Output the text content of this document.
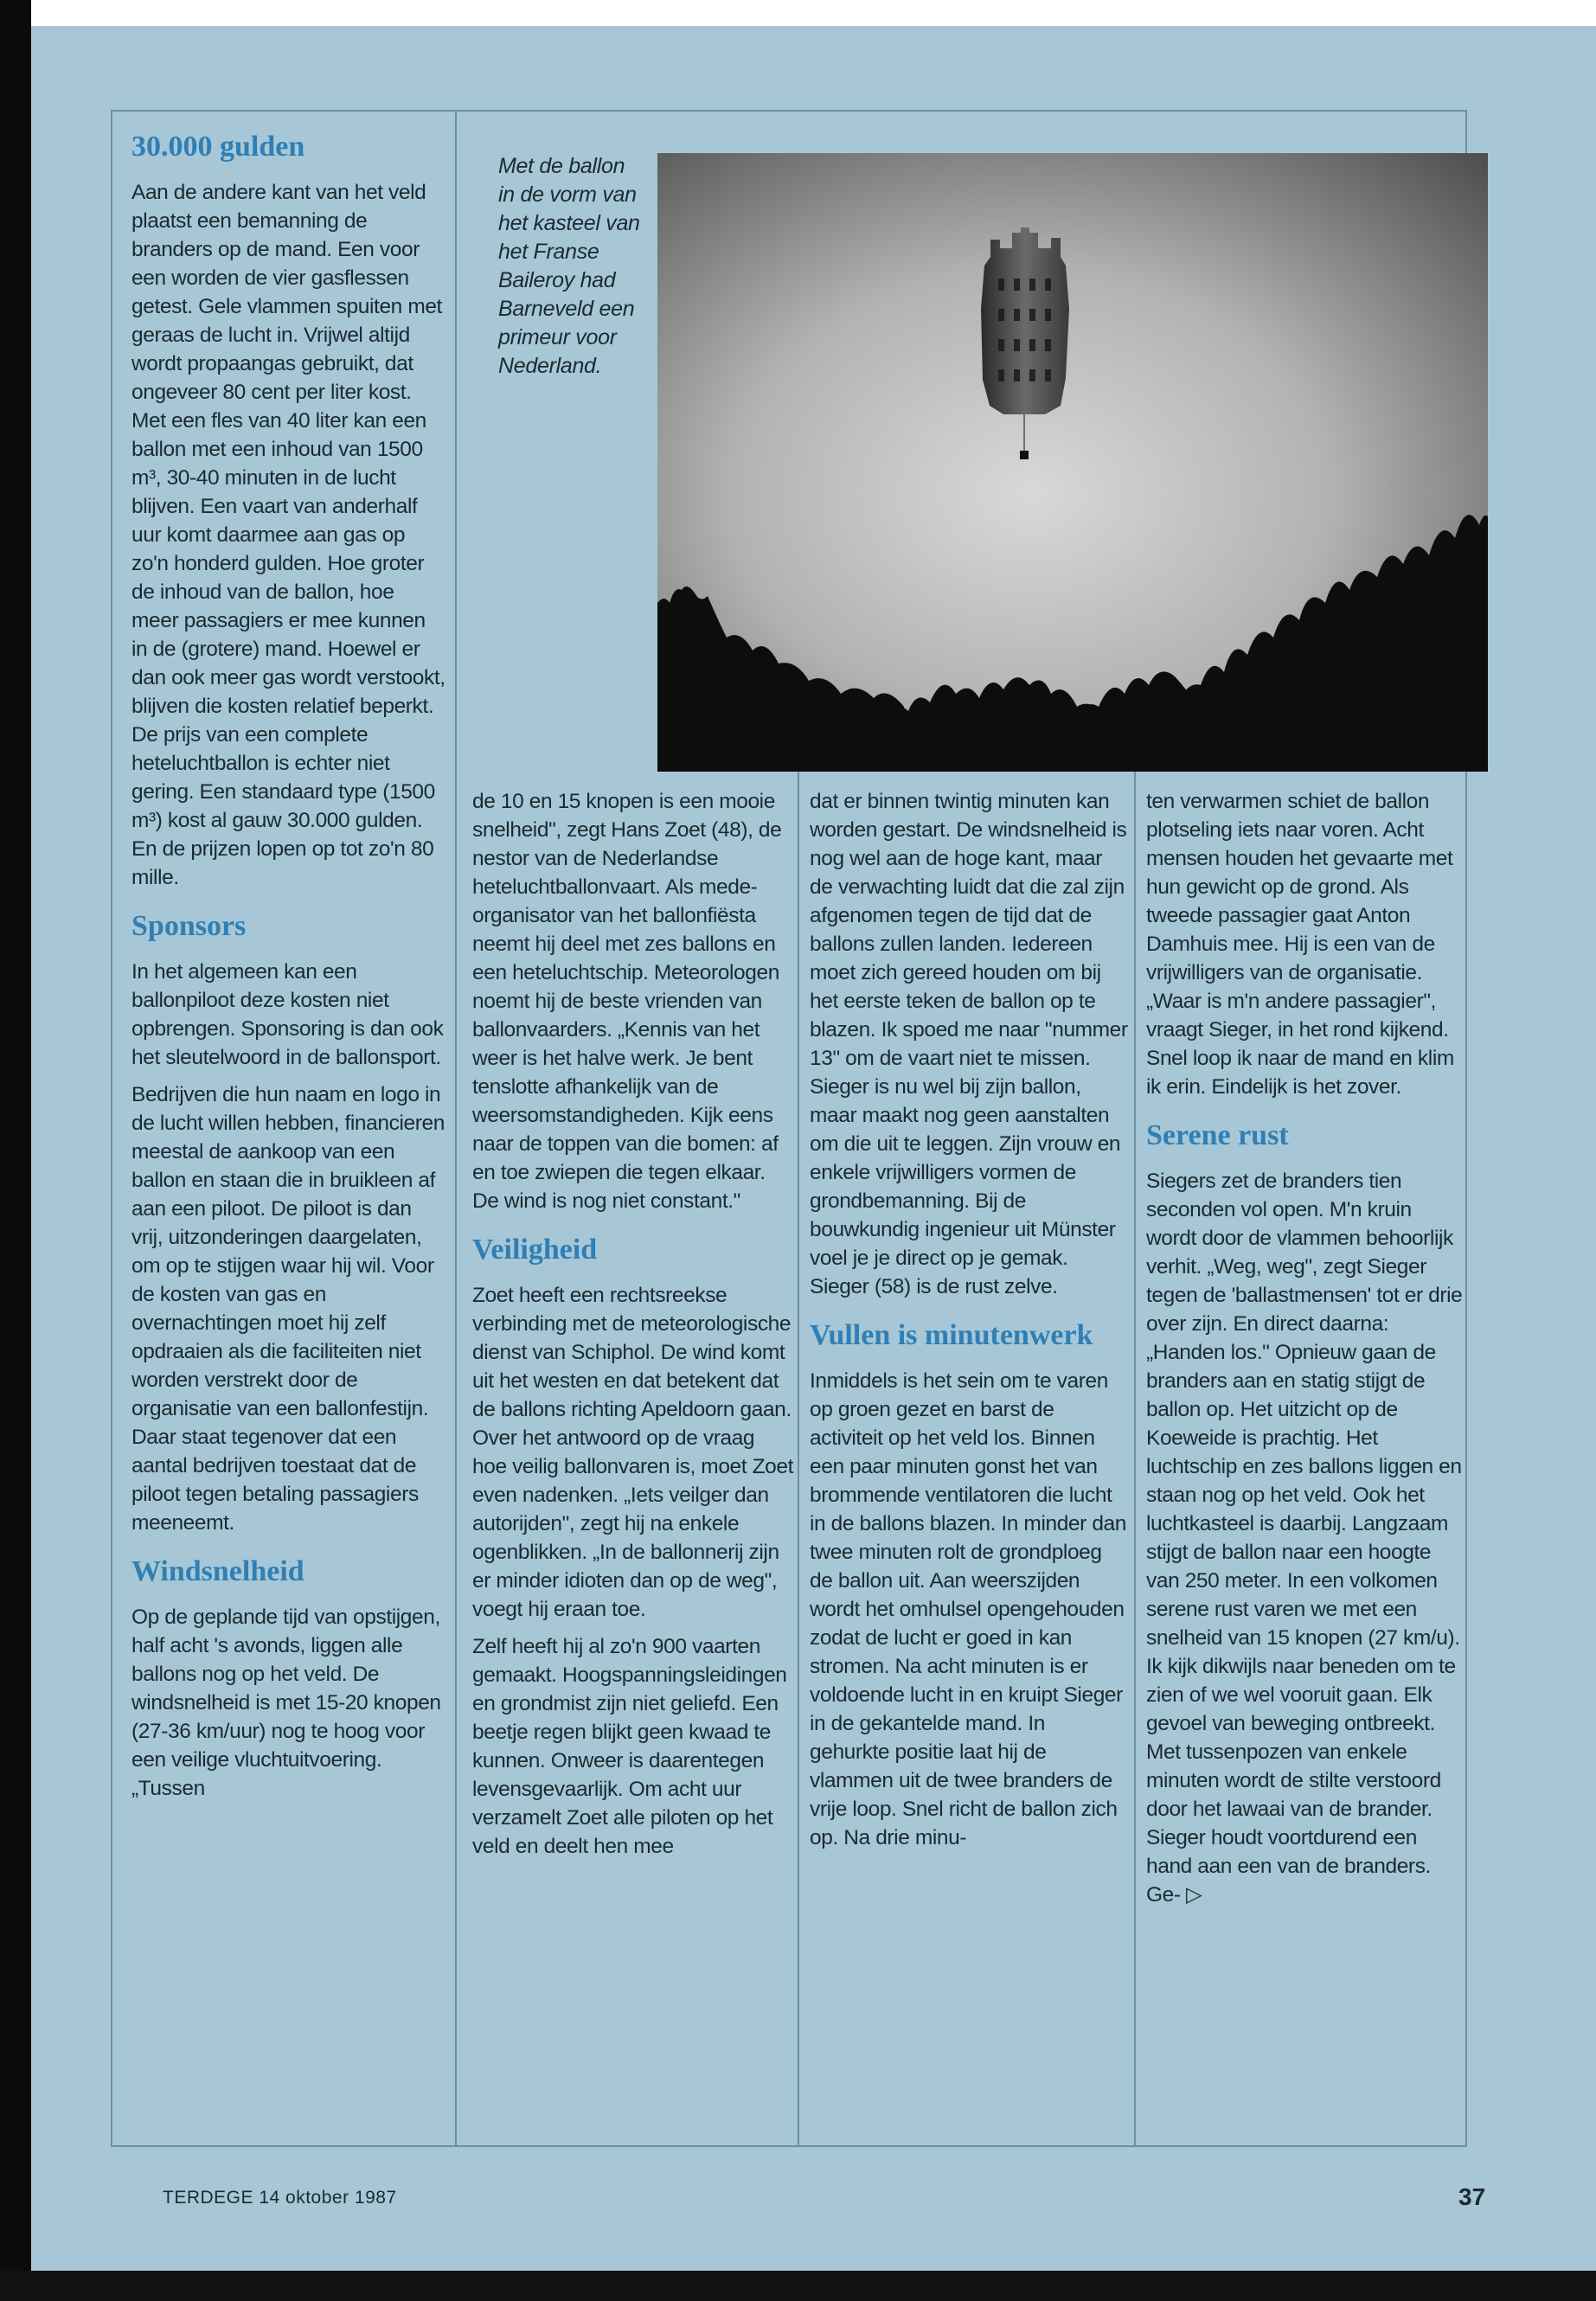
30.000 gulden

Aan de andere kant van het veld plaatst een bemanning de branders op de mand. Een voor een worden de vier gasflessen getest. Gele vlammen spuiten met geraas de lucht in. Vrijwel altijd wordt propaangas gebruikt, dat ongeveer 80 cent per liter kost. Met een fles van 40 liter kan een ballon met een inhoud van 1500 m³, 30-40 minuten in de lucht blijven. Een vaart van anderhalf uur komt daarmee aan gas op zo'n honderd gulden. Hoe groter de inhoud van de ballon, hoe meer passagiers er mee kunnen in de (grotere) mand. Hoewel er dan ook meer gas wordt verstookt, blijven die kosten relatief beperkt. De prijs van een complete heteluchtballon is echter niet gering. Een standaard type (1500 m³) kost al gauw 30.000 gulden. En de prijzen lopen op tot zo'n 80 mille.

Sponsors

In het algemeen kan een ballonpiloot deze kosten niet opbrengen. Sponsoring is dan ook het sleutelwoord in de ballonsport.

Bedrijven die hun naam en logo in de lucht willen hebben, financieren meestal de aankoop van een ballon en staan die in bruikleen af aan een piloot. De piloot is dan vrij, uitzonderingen daargelaten, om op te stijgen waar hij wil. Voor de kosten van gas en overnachtingen moet hij zelf opdraaien als die faciliteiten niet worden verstrekt door de organisatie van een ballonfestijn. Daar staat tegenover dat een aantal bedrijven toestaat dat de piloot tegen betaling passagiers meeneemt.

Windsnelheid

Op de geplande tijd van opstijgen, half acht 's avonds, liggen alle ballons nog op het veld. De windsnelheid is met 15-20 knopen (27-36 km/uur) nog te hoog voor een veilige vluchtuitvoering. „Tussen

Met de ballon in de vorm van het kasteel van het Franse Baileroy had Barneveld een primeur voor Nederland.

de 10 en 15 knopen is een mooie snelheid", zegt Hans Zoet (48), de nestor van de Nederlandse heteluchtballonvaart. Als mede-organisator van het ballonfiësta neemt hij deel met zes ballons en een heteluchtschip. Meteorologen noemt hij de beste vrienden van ballonvaarders. „Kennis van het weer is het halve werk. Je bent tenslotte afhankelijk van de weersomstandigheden. Kijk eens naar de toppen van die bomen: af en toe zwiepen die tegen elkaar. De wind is nog niet constant."

Veiligheid

Zoet heeft een rechtsreekse verbinding met de meteorologische dienst van Schiphol. De wind komt uit het westen en dat betekent dat de ballons richting Apeldoorn gaan. Over het antwoord op de vraag hoe veilig ballonvaren is, moet Zoet even nadenken. „Iets veilger dan autorijden", zegt hij na enkele ogenblikken. „In de ballonnerij zijn er minder idioten dan op de weg", voegt hij eraan toe.

Zelf heeft hij al zo'n 900 vaarten gemaakt. Hoogspanningsleidingen en grondmist zijn niet geliefd. Een beetje regen blijkt geen kwaad te kunnen. Onweer is daarentegen levensgevaarlijk. Om acht uur verzamelt Zoet alle piloten op het veld en deelt hen mee

dat er binnen twintig minuten kan worden gestart. De windsnelheid is nog wel aan de hoge kant, maar de verwachting luidt dat die zal zijn afgenomen tegen de tijd dat de ballons zullen landen. Iedereen moet zich gereed houden om bij het eerste teken de ballon op te blazen. Ik spoed me naar "nummer 13" om de vaart niet te missen. Sieger is nu wel bij zijn ballon, maar maakt nog geen aanstalten om die uit te leggen. Zijn vrouw en enkele vrijwilligers vormen de grondbemanning. Bij de bouwkundig ingenieur uit Münster voel je je direct op je gemak. Sieger (58) is de rust zelve.

Vullen is minutenwerk

Inmiddels is het sein om te varen op groen gezet en barst de activiteit op het veld los. Binnen een paar minuten gonst het van brommende ventilatoren die lucht in de ballons blazen. In minder dan twee minuten rolt de grondploeg de ballon uit. Aan weerszijden wordt het omhulsel opengehouden zodat de lucht er goed in kan stromen. Na acht minuten is er voldoende lucht in en kruipt Sieger in de gekantelde mand. In gehurkte positie laat hij de vlammen uit de twee branders de vrije loop. Snel richt de ballon zich op. Na drie minu-

ten verwarmen schiet de ballon plotseling iets naar voren. Acht mensen houden het gevaarte met hun gewicht op de grond. Als tweede passagier gaat Anton Damhuis mee. Hij is een van de vrijwilligers van de organisatie. „Waar is m'n andere passagier", vraagt Sieger, in het rond kijkend. Snel loop ik naar de mand en klim ik erin. Eindelijk is het zover.

Serene rust

Siegers zet de branders tien seconden vol open. M'n kruin wordt door de vlammen behoorlijk verhit. „Weg, weg", zegt Sieger tegen de 'ballastmensen' tot er drie over zijn. En direct daarna: „Handen los." Opnieuw gaan de branders aan en statig stijgt de ballon op. Het uitzicht op de Koeweide is prachtig. Het luchtschip en zes ballons liggen en staan nog op het veld. Ook het luchtkasteel is daarbij. Langzaam stijgt de ballon naar een hoogte van 250 meter. In een volkomen serene rust varen we met een snelheid van 15 knopen (27 km/u). Ik kijk dikwijls naar beneden om te zien of we wel vooruit gaan. Elk gevoel van beweging ontbreekt. Met tussenpozen van enkele minuten wordt de stilte verstoord door het lawaai van de brander. Sieger houdt voortdurend een hand aan een van de branders. Ge- ▷

TERDEGE 14 oktober 1987	37
